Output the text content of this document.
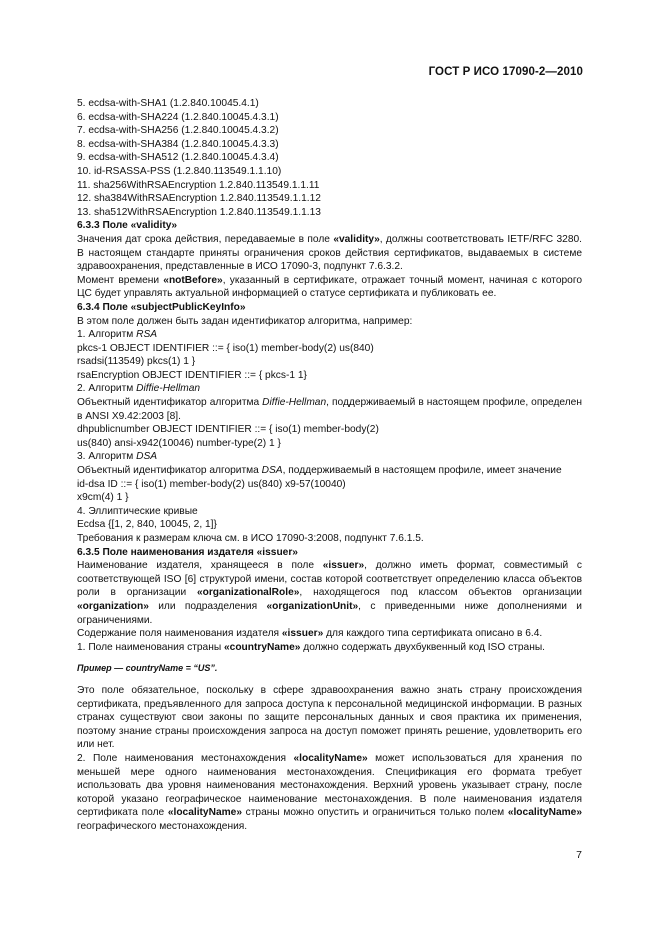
ГОСТ Р ИСО 17090-2—2010

5. ecdsa-with-SHA1 (1.2.840.10045.4.1)

6. ecdsa-with-SHA224 (1.2.840.10045.4.3.1)

7. ecdsa-with-SHA256 (1.2.840.10045.4.3.2)

8. ecdsa-with-SHA384 (1.2.840.10045.4.3.3)

9. ecdsa-with-SHA512 (1.2.840.10045.4.3.4)

10. id-RSASSA-PSS (1.2.840.113549.1.1.10)

11. sha256WithRSAEncryption 1.2.840.113549.1.1.11

12. sha384WithRSAEncryption 1.2.840.113549.1.1.12

13. sha512WithRSAEncryption 1.2.840.113549.1.1.13

6.3.3 Поле «validity»

Значения дат срока действия, передаваемые в поле «validity», должны соответствовать IETF/RFC 3280. В настоящем стандарте приняты ограничения сроков действия сертификатов, выдаваемых в системе здравоохранения, представленные в ИСО 17090-3, подпункт 7.6.3.2.

Момент времени «notBefore», указанный в сертификате, отражает точный момент, начиная с которого ЦС будет управлять актуальной информацией о статусе сертификата и публиковать ее.

6.3.4 Поле «subjectPublicKeyInfo»

В этом поле должен быть задан идентификатор алгоритма, например:

1. Алгоритм RSA

pkcs-1 OBJECT IDENTIFIER ::= { iso(1) member-body(2) us(840)

rsadsi(113549) pkcs(1) 1 }

rsaEncryption OBJECT IDENTIFIER ::= { pkcs-1 1}

2. Алгоритм Diffie-Hellman

Объектный идентификатор алгоритма Diffie-Hellman, поддерживаемый в настоящем профиле, определен в ANSI X9.42:2003 [8].

dhpublicnumber OBJECT IDENTIFIER ::= { iso(1) member-body(2)

us(840) ansi-x942(10046) number-type(2) 1 }

3. Алгоритм DSA

Объектный идентификатор алгоритма DSA, поддерживаемый в настоящем профиле, имеет значение

id-dsa ID ::= { iso(1) member-body(2) us(840) x9-57(10040)

x9cm(4) 1 }

4. Эллиптические кривые

Ecdsa {[1, 2, 840, 10045, 2, 1]}

Требования к размерам ключа см. в ИСО 17090-3:2008, подпункт 7.6.1.5.

6.3.5 Поле наименования издателя «issuer»

Наименование издателя, хранящееся в поле «issuer», должно иметь формат, совместимый с соответствующей ISO [6] структурой имени, состав которой соответствует определению класса объектов роли в организации «organizationalRole», находящегося под классом объектов организации «organization» или подразделения «organizationUnit», с приведенными ниже дополнениями и ограничениями.

Содержание поля наименования издателя «issuer» для каждого типа сертификата описано в 6.4.

1. Поле наименования страны «countryName» должно содержать двухбуквенный код ISO страны.

Пример — countryName = “US”.

Это поле обязательное, поскольку в сфере здравоохранения важно знать страну происхождения сертификата, предъявленного для запроса доступа к персональной медицинской информации. В разных странах существуют свои законы по защите персональных данных и своя практика их применения, поэтому знание страны происхождения запроса на доступ поможет принять решение, удовлетворить его или нет.

2. Поле наименования местонахождения «localityName» может использоваться для хранения по меньшей мере одного наименования местонахождения. Спецификация его формата требует использовать два уровня наименования местонахождения. Верхний уровень указывает страну, после которой указано географическое наименование местонахождения. В поле наименования издателя сертификата поле «localityName» страны можно опустить и ограничиться только полем «localityName» географического местонахождения.

7
